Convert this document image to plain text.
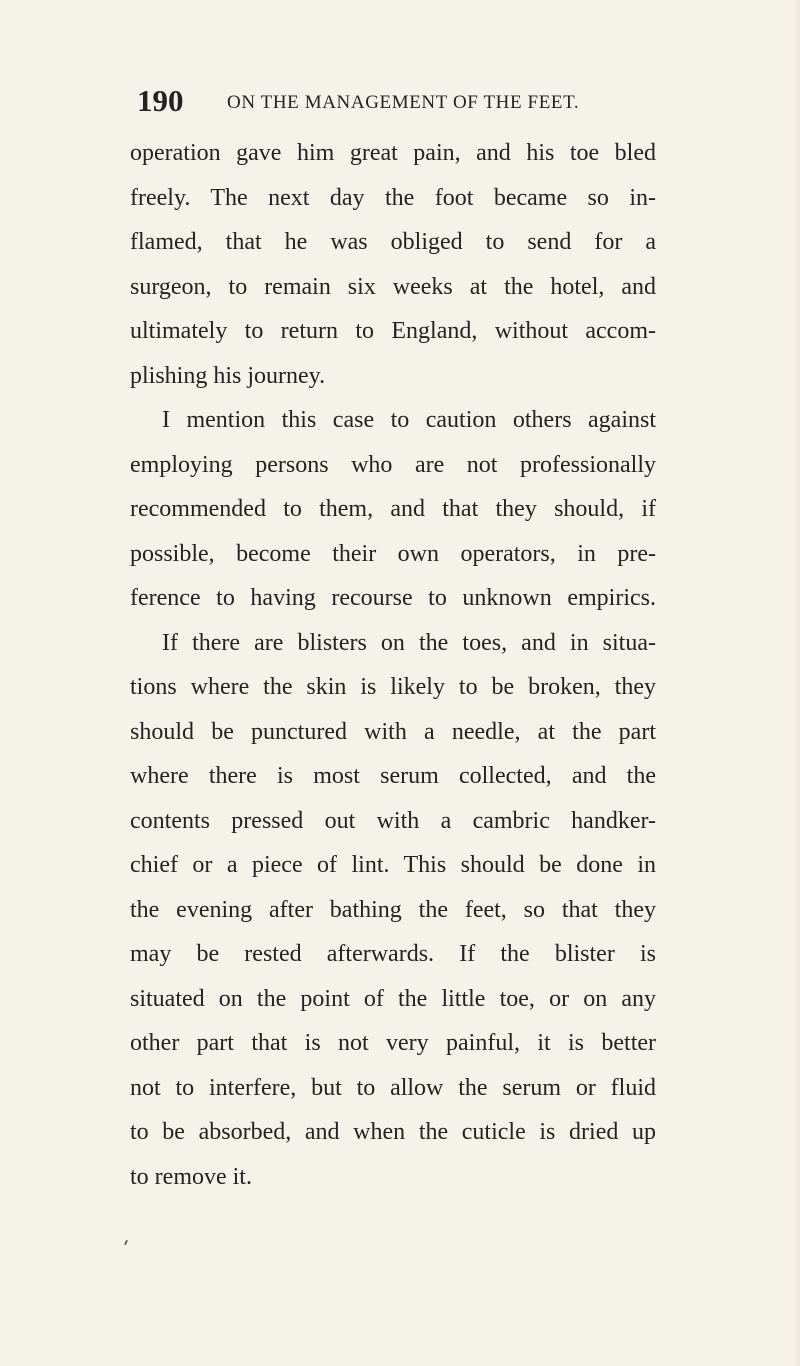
190 ON THE MANAGEMENT OF THE FEET.
operation gave him great pain, and his toe bled
freely. The next day the foot became so in-
flamed, that he was obliged to send for a
surgeon, to remain six weeks at the hotel, and
ultimately to return to England, without accom-
plishing his journey.
I mention this case to caution others against
employing persons who are not professionally
recommended to them, and that they should, if
possible, become their own operators, in pre-
ference to having recourse to unknown empirics.
If there are blisters on the toes, and in situa-
tions where the skin is likely to be broken, they
should be punctured with a needle, at the part
where there is most serum collected, and the
contents pressed out with a cambric handker-
chief or a piece of lint. This should be done in
the evening after bathing the feet, so that they
may be rested afterwards. If the blister is
situated on the point of the little toe, or on any
other part that is not very painful, it is better
not to interfere, but to allow the serum or fluid
to be absorbed, and when the cuticle is dried up
to remove it.
